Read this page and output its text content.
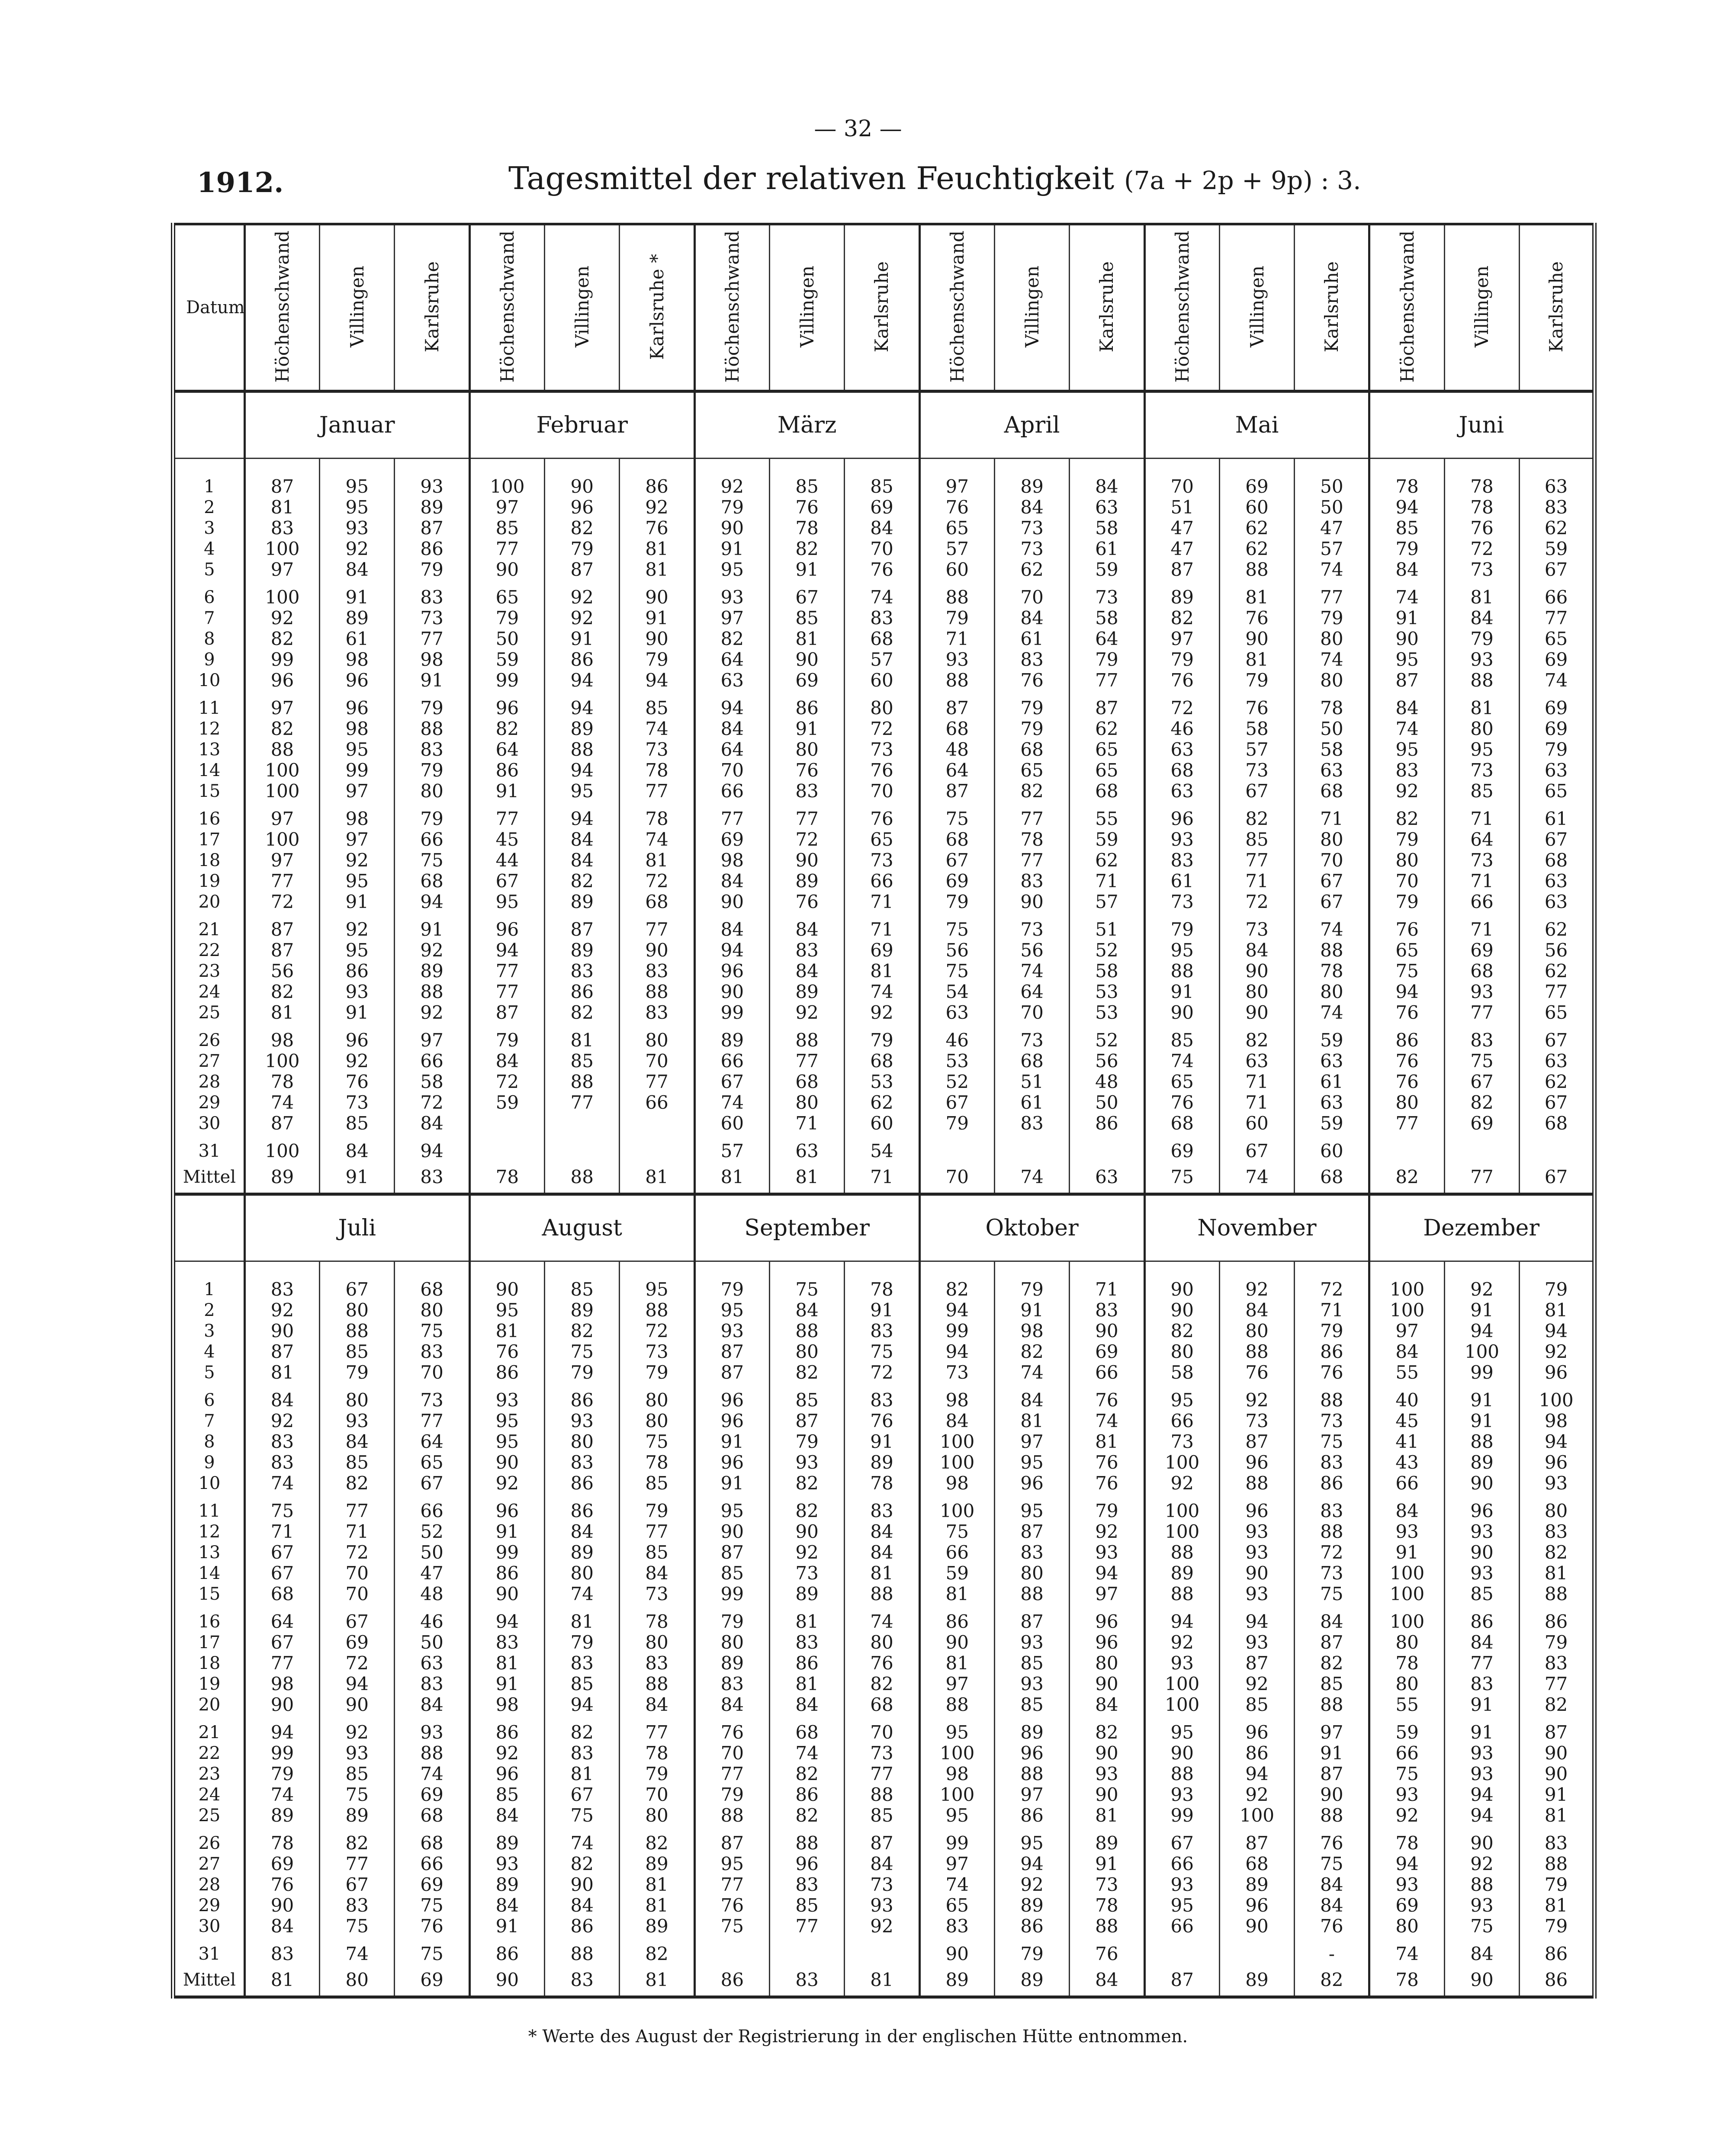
— 32 —
1912.	Tagesmittel der relativen Feuchtigkeit (7a + 2p + 9p) : 3.
Datum	Höchenschwand	Villingen	Karlsruhe	Höchenschwand	Villingen	Karlsruhe *	Höchenschwand	Villingen	Karlsruhe	Höchenschwand	Villingen	Karlsruhe	Höchenschwand	Villingen	Karlsruhe	Höchenschwand	Villingen	Karlsruhe
	Januar			Februar			März			April			Mai			Juni		

1	87	95	93	100	90	86	92	85	85	97	89	84	70	69	50	78	78	63
2	81	95	89	97	96	92	79	76	69	76	84	63	51	60	50	94	78	83
3	83	93	87	85	82	76	90	78	84	65	73	58	47	62	47	85	76	62
4	100	92	86	77	79	81	91	82	70	57	73	61	47	62	57	79	72	59
5	97	84	79	90	87	81	95	91	76	60	62	59	87	88	74	84	73	67
6	100	91	83	65	92	90	93	67	74	88	70	73	89	81	77	74	81	66
7	92	89	73	79	92	91	97	85	83	79	84	58	82	76	79	91	84	77
8	82	61	77	50	91	90	82	81	68	71	61	64	97	90	80	90	79	65
9	99	98	98	59	86	79	64	90	57	93	83	79	79	81	74	95	93	69
10	96	96	91	99	94	94	63	69	60	88	76	77	76	79	80	87	88	74
11	97	96	79	96	94	85	94	86	80	87	79	87	72	76	78	84	81	69
12	82	98	88	82	89	74	84	91	72	68	79	62	46	58	50	74	80	69
13	88	95	83	64	88	73	64	80	73	48	68	65	63	57	58	95	95	79
14	100	99	79	86	94	78	70	76	76	64	65	65	68	73	63	83	73	63
15	100	97	80	91	95	77	66	83	70	87	82	68	63	67	68	92	85	65
16	97	98	79	77	94	78	77	77	76	75	77	55	96	82	71	82	71	61
17	100	97	66	45	84	74	69	72	65	68	78	59	93	85	80	79	64	67
18	97	92	75	44	84	81	98	90	73	67	77	62	83	77	70	80	73	68
19	77	95	68	67	82	72	84	89	66	69	83	71	61	71	67	70	71	63
20	72	91	94	95	89	68	90	76	71	79	90	57	73	72	67	79	66	63
21	87	92	91	96	87	77	84	84	71	75	73	51	79	73	74	76	71	62
22	87	95	92	94	89	90	94	83	69	56	56	52	95	84	88	65	69	56
23	56	86	89	77	83	83	96	84	81	75	74	58	88	90	78	75	68	62
24	82	93	88	77	86	88	90	89	74	54	64	53	91	80	80	94	93	77
25	81	91	92	87	82	83	99	92	92	63	70	53	90	90	74	76	77	65
26	98	96	97	79	81	80	89	88	79	46	73	52	85	82	59	86	83	67
27	100	92	66	84	85	70	66	77	68	53	68	56	74	63	63	76	75	63
28	78	76	58	72	88	77	67	68	53	52	51	48	65	71	61	76	67	62
29	74	73	72	59	77	66	74	80	62	67	61	50	76	71	63	80	82	67
30	87	85	84				60	71	60	79	83	86	68	60	59	77	69	68
31	100	84	94				57	63	54				69	67	60			
Mittel	89	91	83	78	88	81	81	81	71	70	74	63	75	74	68	82	77	67
	Juli			August			September			Oktober			November			Dezember		

1	83	67	68	90	85	95	79	75	78	82	79	71	90	92	72	100	92	79
2	92	80	80	95	89	88	95	84	91	94	91	83	90	84	71	100	91	81
3	90	88	75	81	82	72	93	88	83	99	98	90	82	80	79	97	94	94
4	87	85	83	76	75	73	87	80	75	94	82	69	80	88	86	84	100	92
5	81	79	70	86	79	79	87	82	72	73	74	66	58	76	76	55	99	96
6	84	80	73	93	86	80	96	85	83	98	84	76	95	92	88	40	91	100
7	92	93	77	95	93	80	96	87	76	84	81	74	66	73	73	45	91	98
8	83	84	64	95	80	75	91	79	91	100	97	81	73	87	75	41	88	94
9	83	85	65	90	83	78	96	93	89	100	95	76	100	96	83	43	89	96
10	74	82	67	92	86	85	91	82	78	98	96	76	92	88	86	66	90	93
11	75	77	66	96	86	79	95	82	83	100	95	79	100	96	83	84	96	80
12	71	71	52	91	84	77	90	90	84	75	87	92	100	93	88	93	93	83
13	67	72	50	99	89	85	87	92	84	66	83	93	88	93	72	91	90	82
14	67	70	47	86	80	84	85	73	81	59	80	94	89	90	73	100	93	81
15	68	70	48	90	74	73	99	89	88	81	88	97	88	93	75	100	85	88
16	64	67	46	94	81	78	79	81	74	86	87	96	94	94	84	100	86	86
17	67	69	50	83	79	80	80	83	80	90	93	96	92	93	87	80	84	79
18	77	72	63	81	83	83	89	86	76	81	85	80	93	87	82	78	77	83
19	98	94	83	91	85	88	83	81	82	97	93	90	100	92	85	80	83	77
20	90	90	84	98	94	84	84	84	68	88	85	84	100	85	88	55	91	82
21	94	92	93	86	82	77	76	68	70	95	89	82	95	96	97	59	91	87
22	99	93	88	92	83	78	70	74	73	100	96	90	90	86	91	66	93	90
23	79	85	74	96	81	79	77	82	77	98	88	93	88	94	87	75	93	90
24	74	75	69	85	67	70	79	86	88	100	97	90	93	92	90	93	94	91
25	89	89	68	84	75	80	88	82	85	95	86	81	99	100	88	92	94	81
26	78	82	68	89	74	82	87	88	87	99	95	89	67	87	76	78	90	83
27	69	77	66	93	82	89	95	96	84	97	94	91	66	68	75	94	92	88
28	76	67	69	89	90	81	77	83	73	74	92	73	93	89	84	93	88	79
29	90	83	75	84	84	81	76	85	93	65	89	78	95	96	84	69	93	81
30	84	75	76	91	86	89	75	77	92	83	86	88	66	90	76	80	75	79
31	83	74	75	86	88	82				90	79	76			-	74	84	86
Mittel	81	80	69	90	83	81	86	83	81	89	89	84	87	89	82	78	90	86
* Werte des August der Registrierung in der englischen Hütte entnommen.
